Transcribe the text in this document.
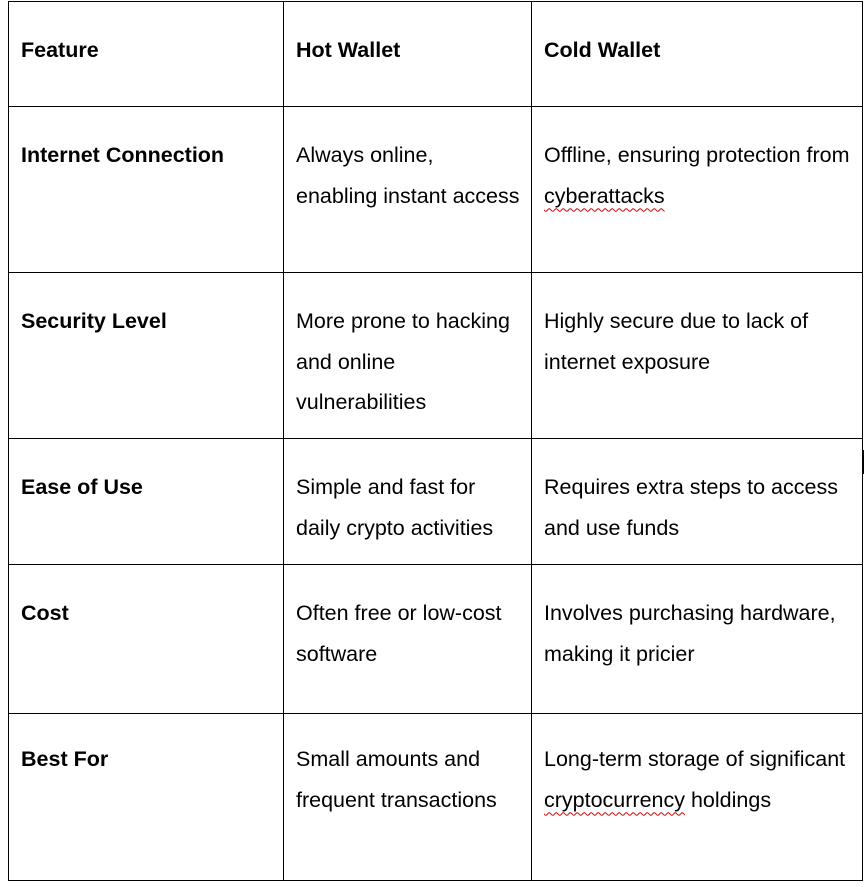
Feature	Hot Wallet	Cold Wallet
Internet Connection	Always online, enabling instant access	Offline, ensuring protection from cyberattacks
Security Level	More prone to hacking and online vulnerabilities	Highly secure due to lack of internet exposure
Ease of Use	Simple and fast for daily crypto activities	Requires extra steps to access and use funds
Cost	Often free or low-cost software	Involves purchasing hardware, making it pricier
Best For	Small amounts and frequent transactions	Long-term storage of significant cryptocurrency holdings
